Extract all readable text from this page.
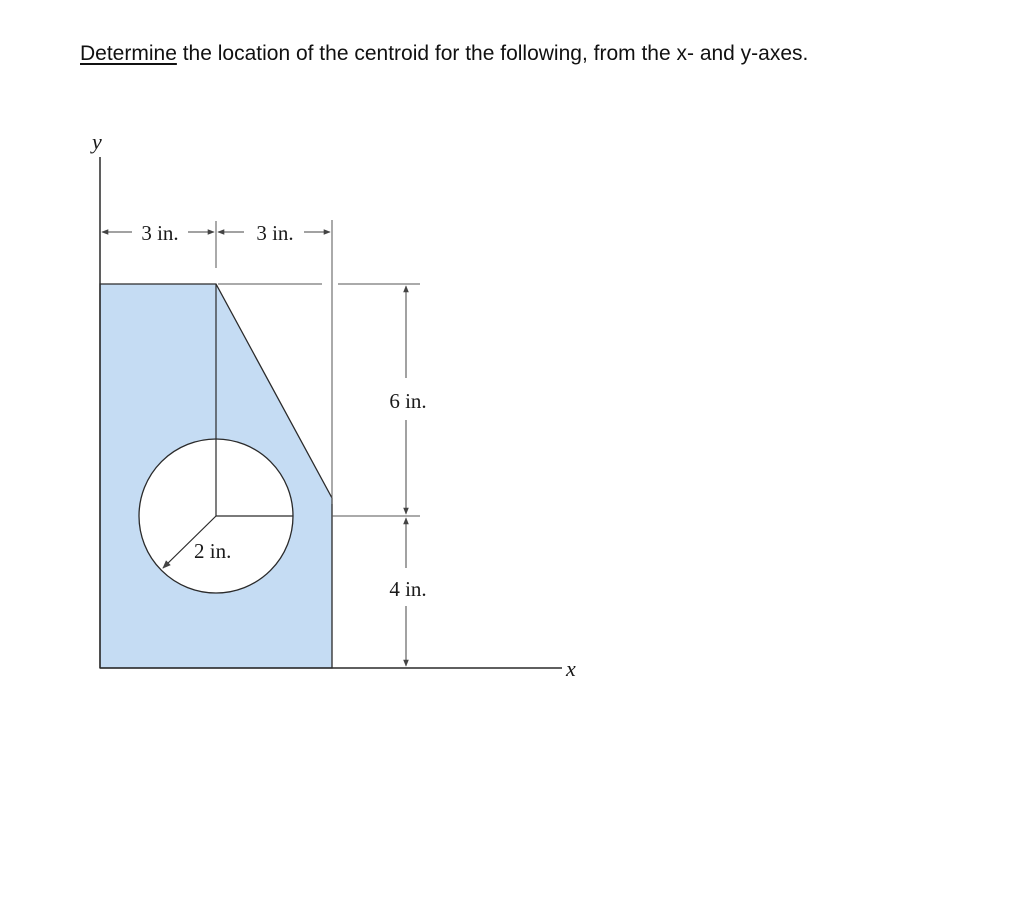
Determine the location of the centroid for the following, from the x- and y-axes.
y
x
3 in.	3 in.
6 in.
4 in.
2 in.
